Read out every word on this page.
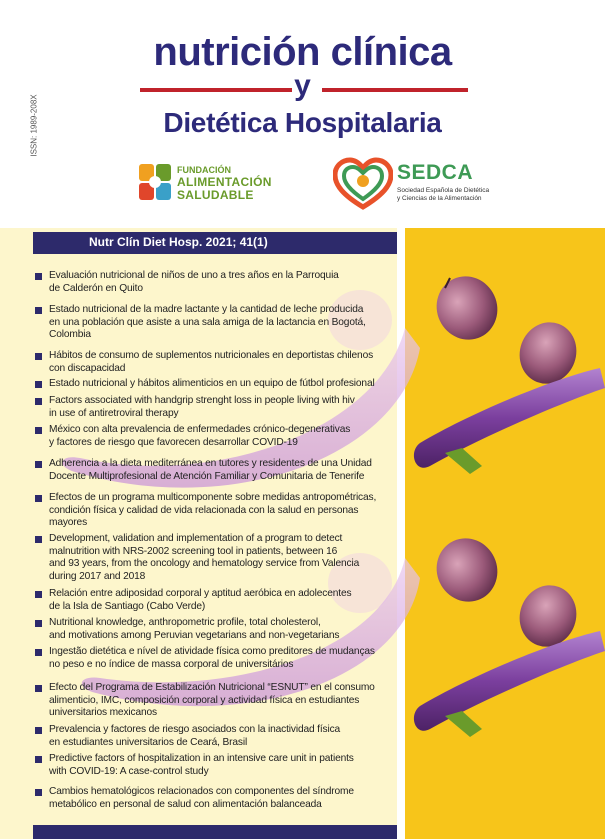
ISSN: 1989-208X
nutrición clínica
y
Dietética Hospitalaria
FUNDACIÓN
ALIMENTACIÓN
SALUDABLE
SEDCA
Sociedad Española de Dietética
y Ciencias de la Alimentación
Nutr Clín Diet Hosp. 2021; 41(1)
Evaluación nutricional de niños de uno a tres años en la Parroquia
de Calderón en Quito
Estado nutricional de la madre lactante y la cantidad de leche producida
en una población que asiste a una sala amiga de la lactancia en Bogotá,
Colombia
Hábitos de consumo de suplementos nutricionales en deportistas chilenos
con discapacidad
Estado nutricional y hábitos alimenticios en un equipo de fútbol profesional
Factors associated with handgrip strenght loss in people living with hiv
in use of antiretroviral therapy
México con alta prevalencia de enfermedades crónico-degenerativas
y factores de riesgo que favorecen desarrollar COVID-19
Adherencia a la dieta mediterránea en tutores y residentes de una Unidad
Docente Multiprofesional de Atención Familiar y Comunitaria de Tenerife
Efectos de un programa multicomponente sobre medidas antropométricas,
condición física y calidad de vida relacionada con la salud en personas
mayores
Development, validation and implementation of a program to detect
malnutrition with NRS-2002 screening tool in patients, between 16
and 93 years, from the oncology and hematology service from Valencia
during 2017 and 2018
Relación entre adiposidad corporal y aptitud aeróbica en adolecentes
de la Isla de Santiago (Cabo Verde)
Nutritional knowledge, anthropometric profile, total cholesterol,
and motivations among Peruvian vegetarians and non-vegetarians
Ingestão dietética e nível de atividade física como preditores de mudanças
no peso e no índice de massa corporal de universitários
Efecto del Programa de Estabilización Nutricional “ESNUT” en el consumo
alimenticio, IMC, composición corporal y actividad física en estudiantes
universitarios mexicanos
Prevalencia y factores de riesgo asociados con la inactividad física
en estudiantes universitarios de Ceará, Brasil
Predictive factors of hospitalization in an intensive care unit in patients
with COVID-19: A case-control study
Cambios hematológicos relacionados con componentes del síndrome
metabólico en personal de salud con alimentación balanceada
